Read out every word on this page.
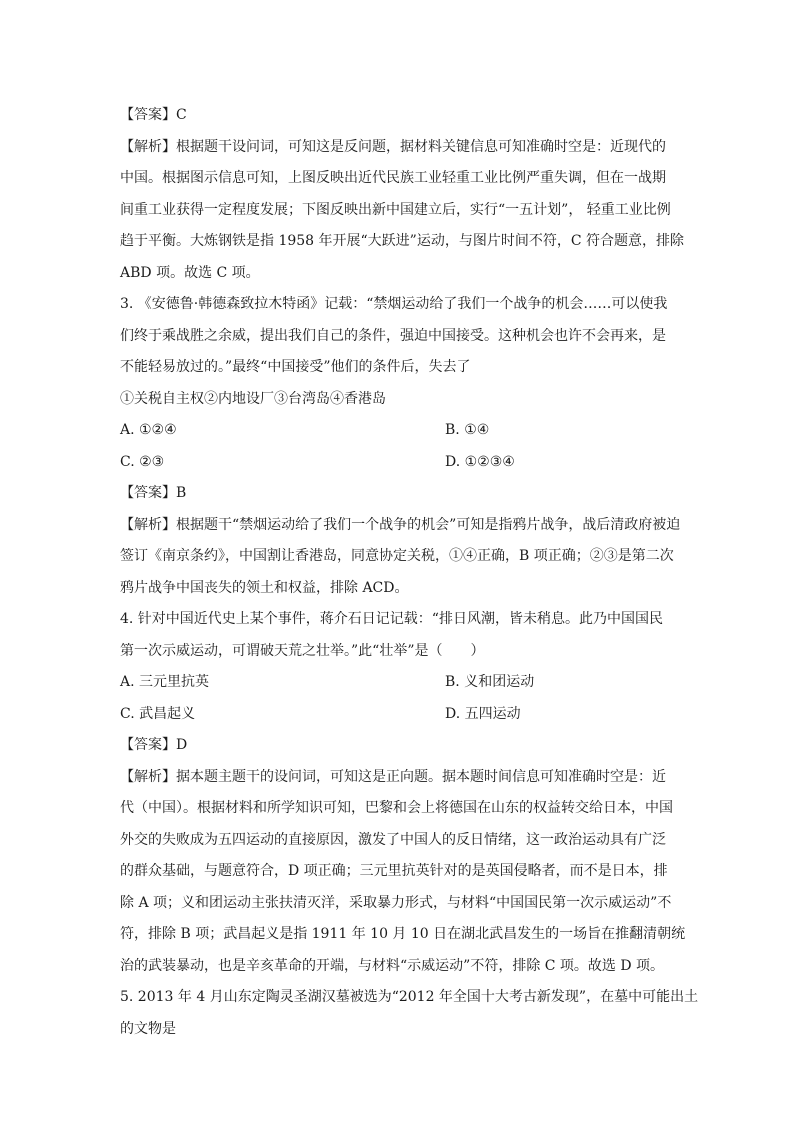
【答案】C
【解析】根据题干设问词，可知这是反问题，据材料关键信息可知准确时空是：近现代的
中国。根据图示信息可知，上图反映出近代民族工业轻重工业比例严重失调，但在一战期
间重工业获得一定程度发展；下图反映出新中国建立后，实行“一五计划”， 轻重工业比例
趋于平衡。大炼钢铁是指 1958 年开展“大跃进”运动，与图片时间不符，C 符合题意，排除
ABD 项。故选 C 项。
3. 《安德鲁·韩德森致拉木特函》记载：“禁烟运动给了我们一个战争的机会……可以使我
们终于乘战胜之余威，提出我们自己的条件，强迫中国接受。这种机会也许不会再来，是
不能轻易放过的。”最终“中国接受”他们的条件后，失去了
①关税自主权②内地设厂③台湾岛④香港岛
A. ①②④	B. ①④
C. ②③	D. ①②③④
【答案】B
【解析】根据题干“禁烟运动给了我们一个战争的机会”可知是指鸦片战争，战后清政府被迫
签订《南京条约》，中国割让香港岛，同意协定关税，①④正确，B 项正确；②③是第二次
鸦片战争中国丧失的领土和权益，排除 ACD。
4. 针对中国近代史上某个事件，蒋介石日记记载：“排日风潮，皆未稍息。此乃中国国民
第一次示威运动，可谓破天荒之壮举。”此“壮举”是（　　）
A. 三元里抗英	B. 义和团运动
C. 武昌起义	D. 五四运动
【答案】D
【解析】据本题主题干的设问词，可知这是正向题。据本题时间信息可知准确时空是：近
代（中国）。根据材料和所学知识可知，巴黎和会上将德国在山东的权益转交给日本，中国
外交的失败成为五四运动的直接原因，激发了中国人的反日情绪，这一政治运动具有广泛
的群众基础，与题意符合，D 项正确；三元里抗英针对的是英国侵略者，而不是日本，排
除 A 项；义和团运动主张扶清灭洋，采取暴力形式，与材料“中国国民第一次示威运动”不
符，排除 B 项；武昌起义是指 1911 年 10 月 10 日在湖北武昌发生的一场旨在推翻清朝统
治的武装暴动，也是辛亥革命的开端，与材料“示威运动”不符，排除 C 项。故选 D 项。
5. 2013 年 4 月山东定陶灵圣湖汉墓被选为“2012 年全国十大考古新发现”，在墓中可能出土
的文物是
